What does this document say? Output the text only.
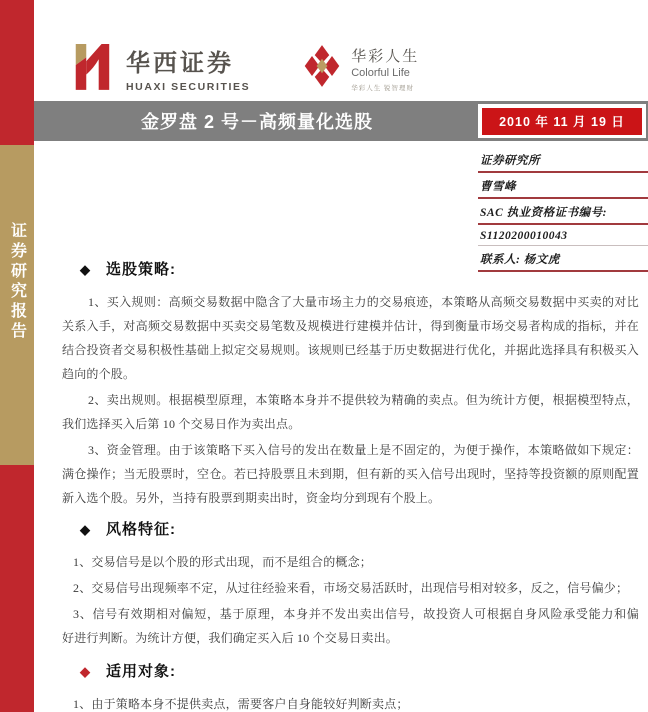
证券研究报告
华西证券
HUAXI SECURITIES
华彩人生
Colorful Life
华彩人生 锐智理财
金罗盘 2 号－高频量化选股	2010 年 11 月 19 日
证券研究所
曹雪峰
SAC 执业资格证书编号:
S1120200010043
联系人: 杨文虎
◆ 选股策略:
1、买入规则：高频交易数据中隐含了大量市场主力的交易痕迹，本策略从高频交易数据中买卖的对比
关系入手，对高频交易数据中买卖交易笔数及规模进行建模并估计，得到衡量市场交易者构成的指标，并在
结合投资者交易积极性基础上拟定交易规则。该规则已经基于历史数据进行优化，并据此选择具有积极买入
趋向的个股。
2、卖出规则。根据模型原理，本策略本身并不提供较为精确的卖点。但为统计方便，根据模型特点，
我们选择买入后第 10 个交易日作为卖出点。
3、资金管理。由于该策略下买入信号的发出在数量上是不固定的，为便于操作，本策略做如下规定：
满仓操作；当无股票时，空仓。若已持股票且未到期，但有新的买入信号出现时，坚持等投资额的原则配置
新入选个股。另外，当持有股票到期卖出时，资金均分到现有个股上。
◆ 风格特征:
1、交易信号是以个股的形式出现，而不是组合的概念；
2、交易信号出现频率不定，从过往经验来看，市场交易活跃时，出现信号相对较多，反之，信号偏少；
3、信号有效期相对偏短，基于原理，本身并不发出卖出信号，故投资人可根据自身风险承受能力和偏
好进行判断。为统计方便，我们确定买入后 10 个交易日卖出。
◆ 适用对象:
1、由于策略本身不提供卖点，需要客户自身能较好判断卖点；
